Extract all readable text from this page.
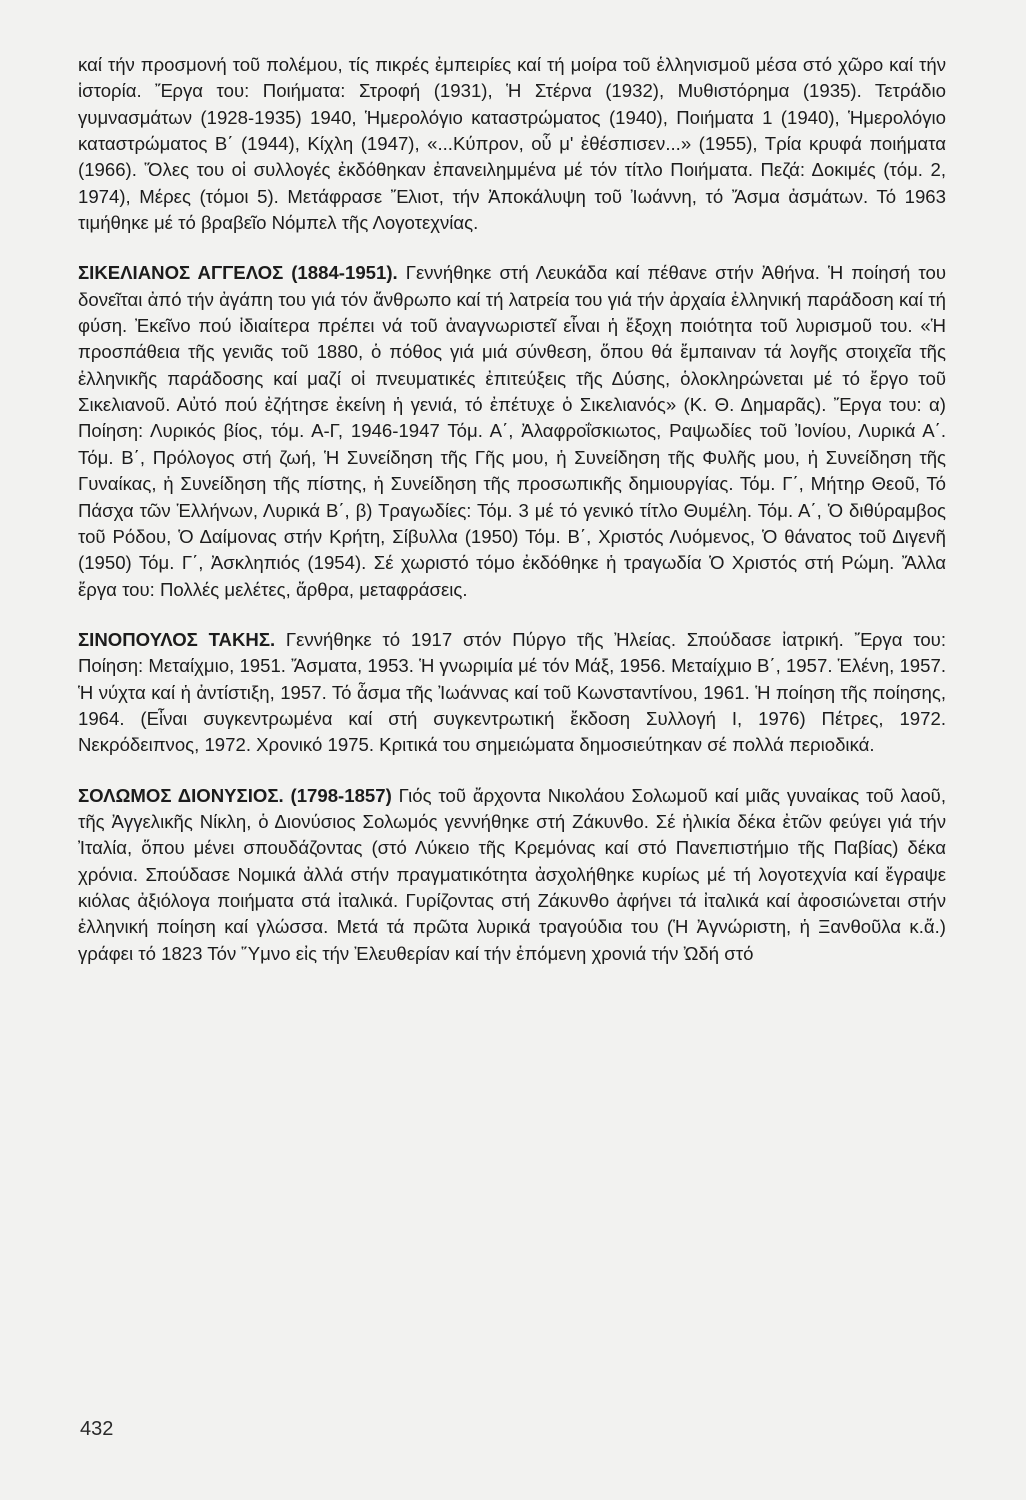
καί τήν προσμονή τοῦ πολέμου, τίς πικρές ἐμπειρίες καί τή μοίρα τοῦ ἑλληνισμοῦ μέσα στό χῶρο καί τήν ἱστορία. Ἔργα του: Ποιήματα: Στροφή (1931), Ἡ Στέρνα (1932), Μυθιστόρημα (1935). Τετράδιο γυμνασμάτων (1928-1935) 1940, Ἡμερολόγιο καταστρώματος (1940), Ποιήματα 1 (1940), Ἡμερολόγιο καταστρώματος Β΄ (1944), Κίχλη (1947), «...Κύπρον, οὗ μ' ἐθέσπισεν...» (1955), Τρία κρυφά ποιήματα (1966). Ὅλες του οἱ συλλογές ἐκδόθηκαν ἐπανειλημμένα μέ τόν τίτλο Ποιήματα. Πεζά: Δοκιμές (τόμ. 2, 1974), Μέρες (τόμοι 5). Μετάφρασε Ἔλιοτ, τήν Ἀποκάλυψη τοῦ Ἰωάννη, τό Ἄσμα ἀσμάτων. Τό 1963 τιμήθηκε μέ τό βραβεῖο Νόμπελ τῆς Λογοτεχνίας.

ΣΙΚΕΛΙΑΝΟΣ ΑΓΓΕΛΟΣ (1884-1951). Γεννήθηκε στή Λευκάδα καί πέθανε στήν Ἀθήνα. Ἡ ποίησή του δονεῖται ἀπό τήν ἀγάπη του γιά τόν ἄνθρωπο καί τή λατρεία του γιά τήν ἀρχαία ἑλληνική παράδοση καί τή φύση. Ἐκεῖνο πού ἰδιαίτερα πρέπει νά τοῦ ἀναγνωριστεῖ εἶναι ἡ ἔξοχη ποιότητα τοῦ λυρισμοῦ του. «Ἡ προσπάθεια τῆς γενιᾶς τοῦ 1880, ὁ πόθος γιά μιά σύνθεση, ὅπου θά ἔμπαιναν τά λογῆς στοιχεῖα τῆς ἑλληνικῆς παράδοσης καί μαζί οἱ πνευματικές ἐπιτεύξεις τῆς Δύσης, ὁλοκληρώνεται μέ τό ἔργο τοῦ Σικελιανοῦ. Αὐτό πού ἐζήτησε ἐκείνη ἡ γενιά, τό ἐπέτυχε ὁ Σικελιανός» (Κ. Θ. Δημαρᾶς). Ἔργα του: α) Ποίηση: Λυρικός βίος, τόμ. Α-Γ, 1946-1947 Τόμ. Α΄, Ἀλαφροΐσκιωτος, Ραψωδίες τοῦ Ἰονίου, Λυρικά Α΄. Τόμ. Β΄, Πρόλογος στή ζωή, Ἡ Συνείδηση τῆς Γῆς μου, ἡ Συνείδηση τῆς Φυλῆς μου, ἡ Συνείδηση τῆς Γυναίκας, ἡ Συνείδηση τῆς πίστης, ἡ Συνείδηση τῆς προσωπικῆς δημιουργίας. Τόμ. Γ΄, Μήτηρ Θεοῦ, Τό Πάσχα τῶν Ἑλλήνων, Λυρικά Β΄, β) Τραγωδίες: Τόμ. 3 μέ τό γενικό τίτλο Θυμέλη. Τόμ. Α΄, Ὁ διθύραμβος τοῦ Ρόδου, Ὁ Δαίμονας στήν Κρήτη, Σίβυλλα (1950) Τόμ. Β΄, Χριστός Λυόμενος, Ὁ θάνατος τοῦ Διγενῆ (1950) Τόμ. Γ΄, Ἀσκληπιός (1954). Σέ χωριστό τόμο ἐκδόθηκε ἡ τραγωδία Ὁ Χριστός στή Ρώμη. Ἄλλα ἔργα του: Πολλές μελέτες, ἄρθρα, μεταφράσεις.

ΣΙΝΟΠΟΥΛΟΣ ΤΑΚΗΣ. Γεννήθηκε τό 1917 στόν Πύργο τῆς Ἠλείας. Σπούδασε ἰατρική. Ἔργα του: Ποίηση: Μεταίχμιο, 1951. Ἄσματα, 1953. Ἡ γνωριμία μέ τόν Μάξ, 1956. Μεταίχμιο Β΄, 1957. Ἑλένη, 1957. Ἡ νύχτα καί ἡ ἀντίστιξη, 1957. Τό ἆσμα τῆς Ἰωάννας καί τοῦ Κωνσταντίνου, 1961. Ἡ ποίηση τῆς ποίησης, 1964. (Εἶναι συγκεντρωμένα καί στή συγκεντρωτική ἔκδοση Συλλογή Ι, 1976) Πέτρες, 1972. Νεκρόδειπνος, 1972. Χρονικό 1975. Κριτικά του σημειώματα δημοσιεύτηκαν σέ πολλά περιοδικά.

ΣΟΛΩΜΟΣ ΔΙΟΝΥΣΙΟΣ. (1798-1857) Γιός τοῦ ἄρχοντα Νικολάου Σολωμοῦ καί μιᾶς γυναίκας τοῦ λαοῦ, τῆς Ἀγγελικῆς Νίκλη, ὁ Διονύσιος Σολωμός γεννήθηκε στή Ζάκυνθο. Σέ ἡλικία δέκα ἐτῶν φεύγει γιά τήν Ἰταλία, ὅπου μένει σπουδάζοντας (στό Λύκειο τῆς Κρεμόνας καί στό Πανεπιστήμιο τῆς Παβίας) δέκα χρόνια. Σπούδασε Νομικά ἀλλά στήν πραγματικότητα ἀσχολήθηκε κυρίως μέ τή λογοτεχνία καί ἔγραψε κιόλας ἀξιόλογα ποιήματα στά ἰταλικά. Γυρίζοντας στή Ζάκυνθο ἀφήνει τά ἰταλικά καί ἀφοσιώνεται στήν ἑλληνική ποίηση καί γλώσσα. Μετά τά πρῶτα λυρικά τραγούδια του (Ἡ Ἀγνώριστη, ἡ Ξανθοῦλα κ.ἄ.) γράφει τό 1823 Τόν Ὕμνο εἰς τήν Ἐλευθερίαν καί τήν ἑπόμενη χρονιά τήν Ὠδή στό

432
